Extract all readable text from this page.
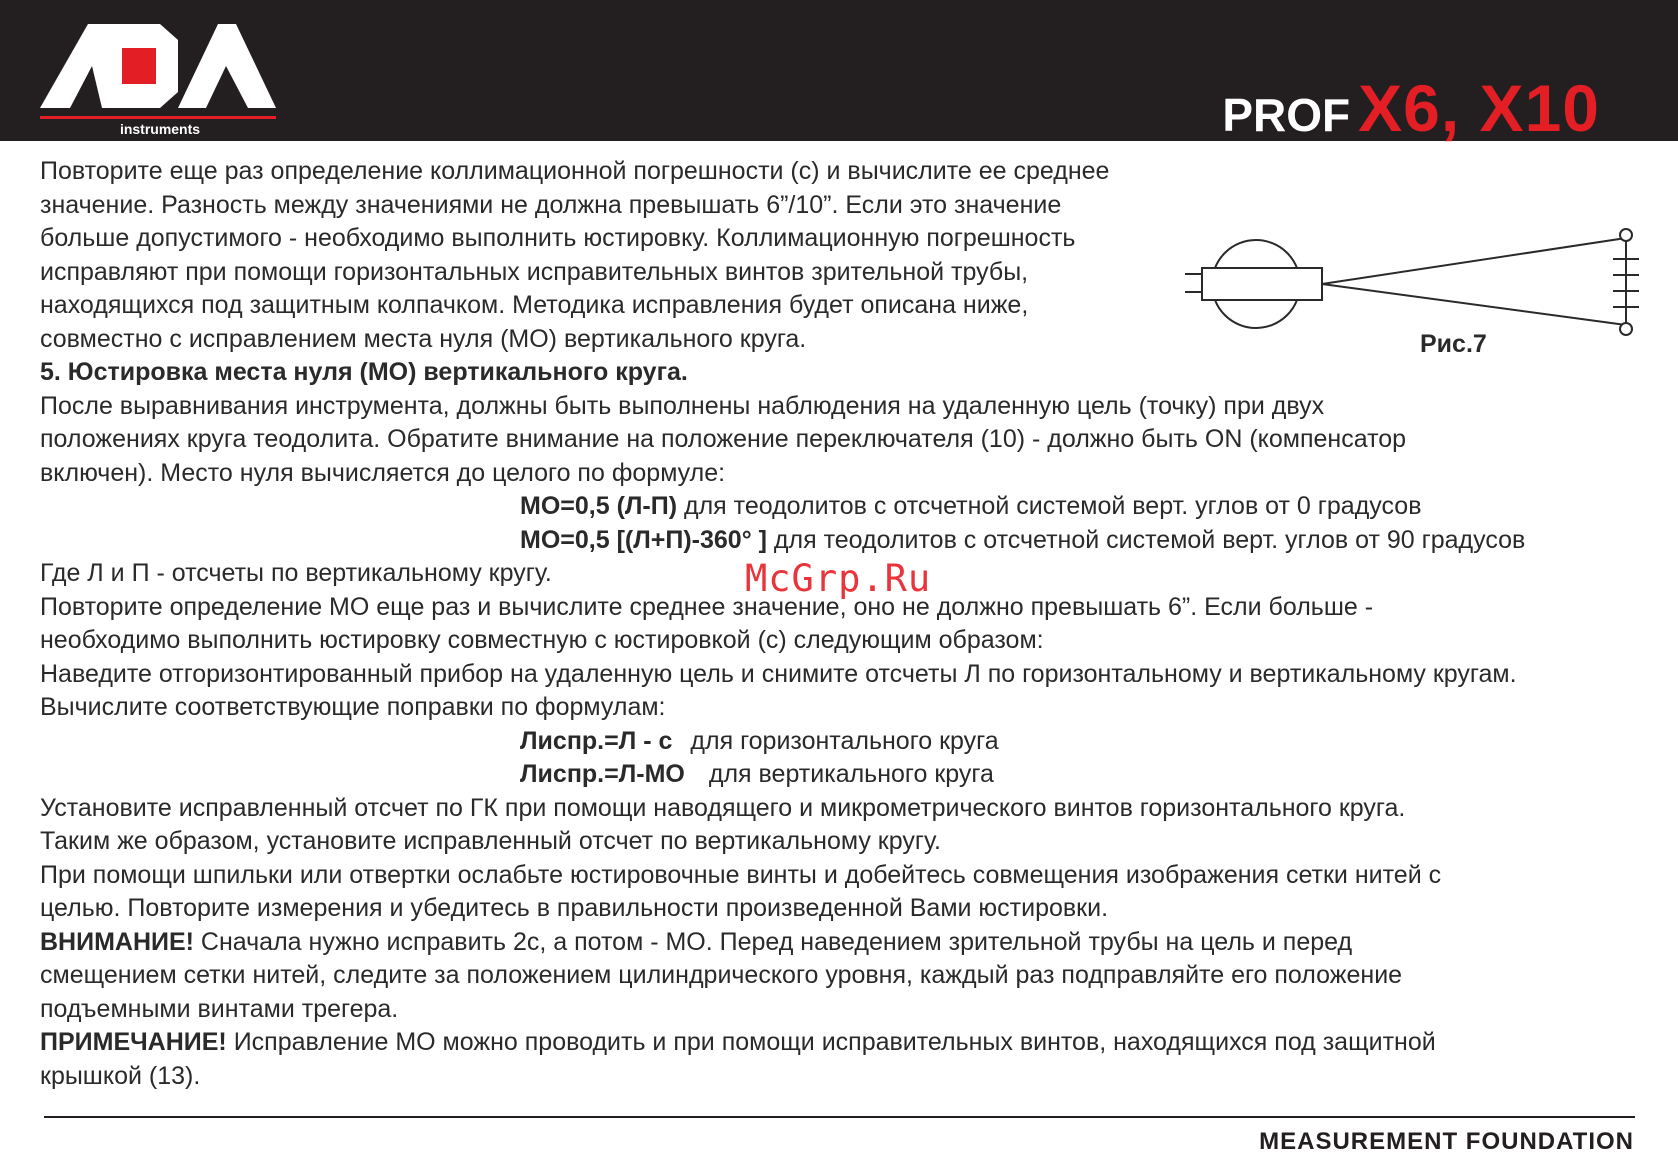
instruments	PROF X6, X10
Повторите еще раз определение коллимационной погрешности (с) и вычислите ее среднее
значение. Разность между значениями не должна превышать 6”/10”. Если это значение
больше допустимого - необходимо выполнить юстировку. Коллимационную погрешность
исправляют при помощи горизонтальных исправительных винтов зрительной трубы,
находящихся под защитным колпачком. Методика исправления будет описана ниже,
совместно с исправлением места нуля (МО) вертикального круга.
5. Юстировка места нуля (МО) вертикального круга.
После выравнивания инструмента, должны быть выполнены наблюдения на удаленную цель (точку) при двух
положениях круга теодолита. Обратите внимание на положение переключателя (10) - должно быть ON (компенсатор
включен). Место нуля вычисляется до целого по формуле:
МО=0,5 (Л-П) для теодолитов с отсчетной системой верт. углов от 0 градусов
МО=0,5 [(Л+П)-360° ] для теодолитов с отсчетной системой верт. углов от 90 градусов
Где Л и П - отсчеты по вертикальному кругу.
Повторите определение МО еще раз и вычислите среднее значение, оно не должно превышать 6”. Если больше -
необходимо выполнить юстировку совместную с юстировкой (с) следующим образом:
Наведите отгоризонтированный прибор на удаленную цель и снимите отсчеты Л по горизонтальному и вертикальному кругам.
Вычислите соответствующие поправки по формулам:
Лиспр.=Л - с для горизонтального круга
Лиспр.=Л-МО для вертикального круга
Установите исправленный отсчет по ГК при помощи наводящего и микрометрического винтов горизонтального круга.
Таким же образом, установите исправленный отсчет по вертикальному кругу.
При помощи шпильки или отвертки ослабьте юстировочные винты и добейтесь совмещения изображения сетки нитей с
целью. Повторите измерения и убедитесь в правильности произведенной Вами юстировки.
ВНИМАНИЕ! Сначала нужно исправить 2с, а потом - МО. Перед наведением зрительной трубы на цель и перед
смещением сетки нитей, следите за положением цилиндрического уровня, каждый раз подправляйте его положение
подъемными винтами трегера.
ПРИМЕЧАНИЕ! Исправление МО можно проводить и при помощи исправительных винтов, находящихся под защитной
крышкой (13).
Рис.7
McGrp.Ru
MEASUREMENT FOUNDATION
